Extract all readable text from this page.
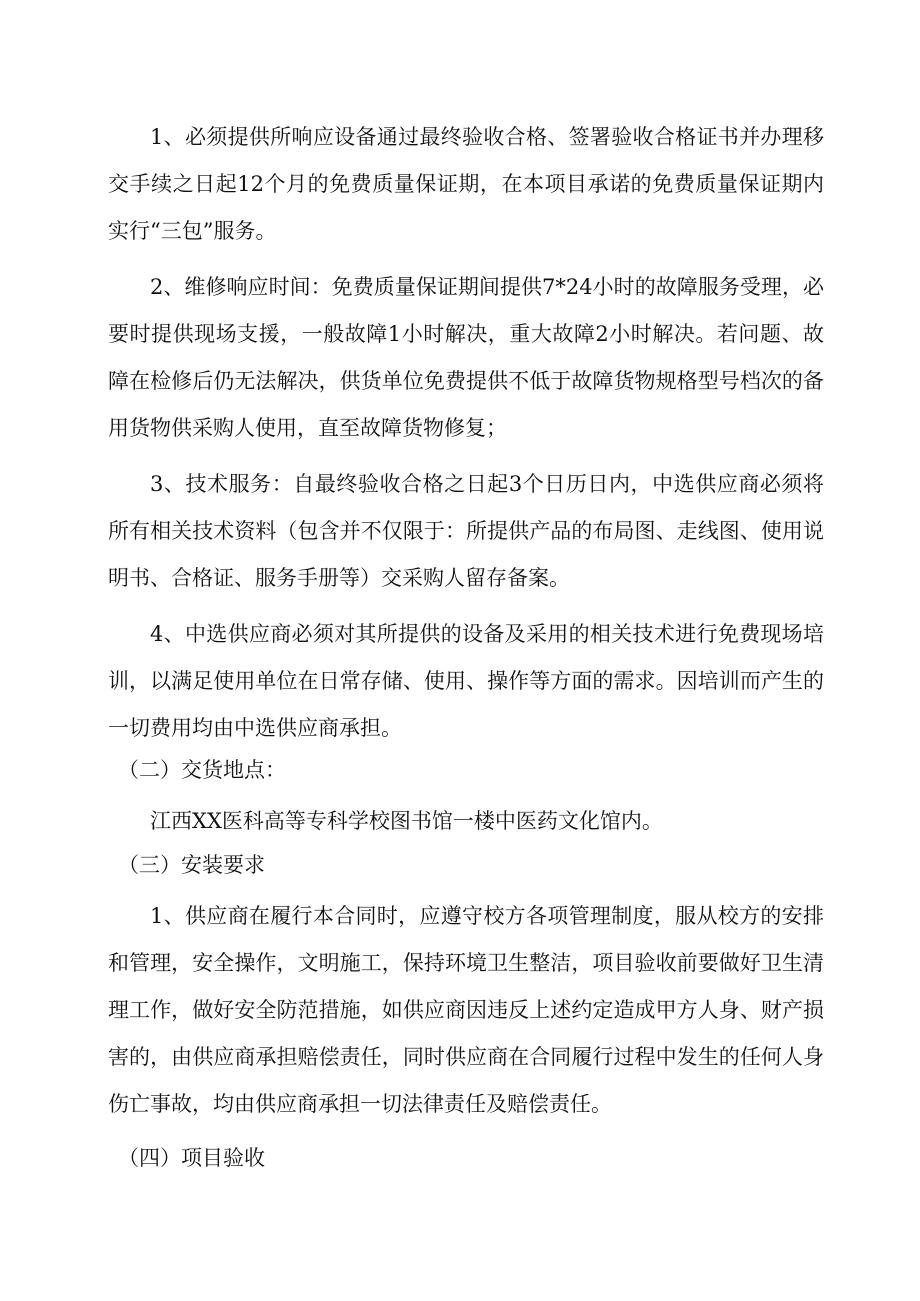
1、必须提供所响应设备通过最终验收合格、签署验收合格证书并办理移交手续之日起12个月的免费质量保证期，在本项目承诺的免费质量保证期内实行“三包”服务。

2、维修响应时间：免费质量保证期间提供7*24小时的故障服务受理，必要时提供现场支援，一般故障1小时解决，重大故障2小时解决。若问题、故障在检修后仍无法解决，供货单位免费提供不低于故障货物规格型号档次的备用货物供采购人使用，直至故障货物修复；

3、技术服务：自最终验收合格之日起3个日历日内，中选供应商必须将所有相关技术资料（包含并不仅限于：所提供产品的布局图、走线图、使用说明书、合格证、服务手册等）交采购人留存备案。

4、中选供应商必须对其所提供的设备及采用的相关技术进行免费现场培训，以满足使用单位在日常存储、使用、操作等方面的需求。因培训而产生的一切费用均由中选供应商承担。

（二）交货地点：

江西XX医科高等专科学校图书馆一楼中医药文化馆内。

（三）安装要求

1、供应商在履行本合同时，应遵守校方各项管理制度，服从校方的安排和管理，安全操作，文明施工，保持环境卫生整洁，项目验收前要做好卫生清理工作，做好安全防范措施，如供应商因违反上述约定造成甲方人身、财产损害的，由供应商承担赔偿责任，同时供应商在合同履行过程中发生的任何人身伤亡事故，均由供应商承担一切法律责任及赔偿责任。

（四）项目验收
